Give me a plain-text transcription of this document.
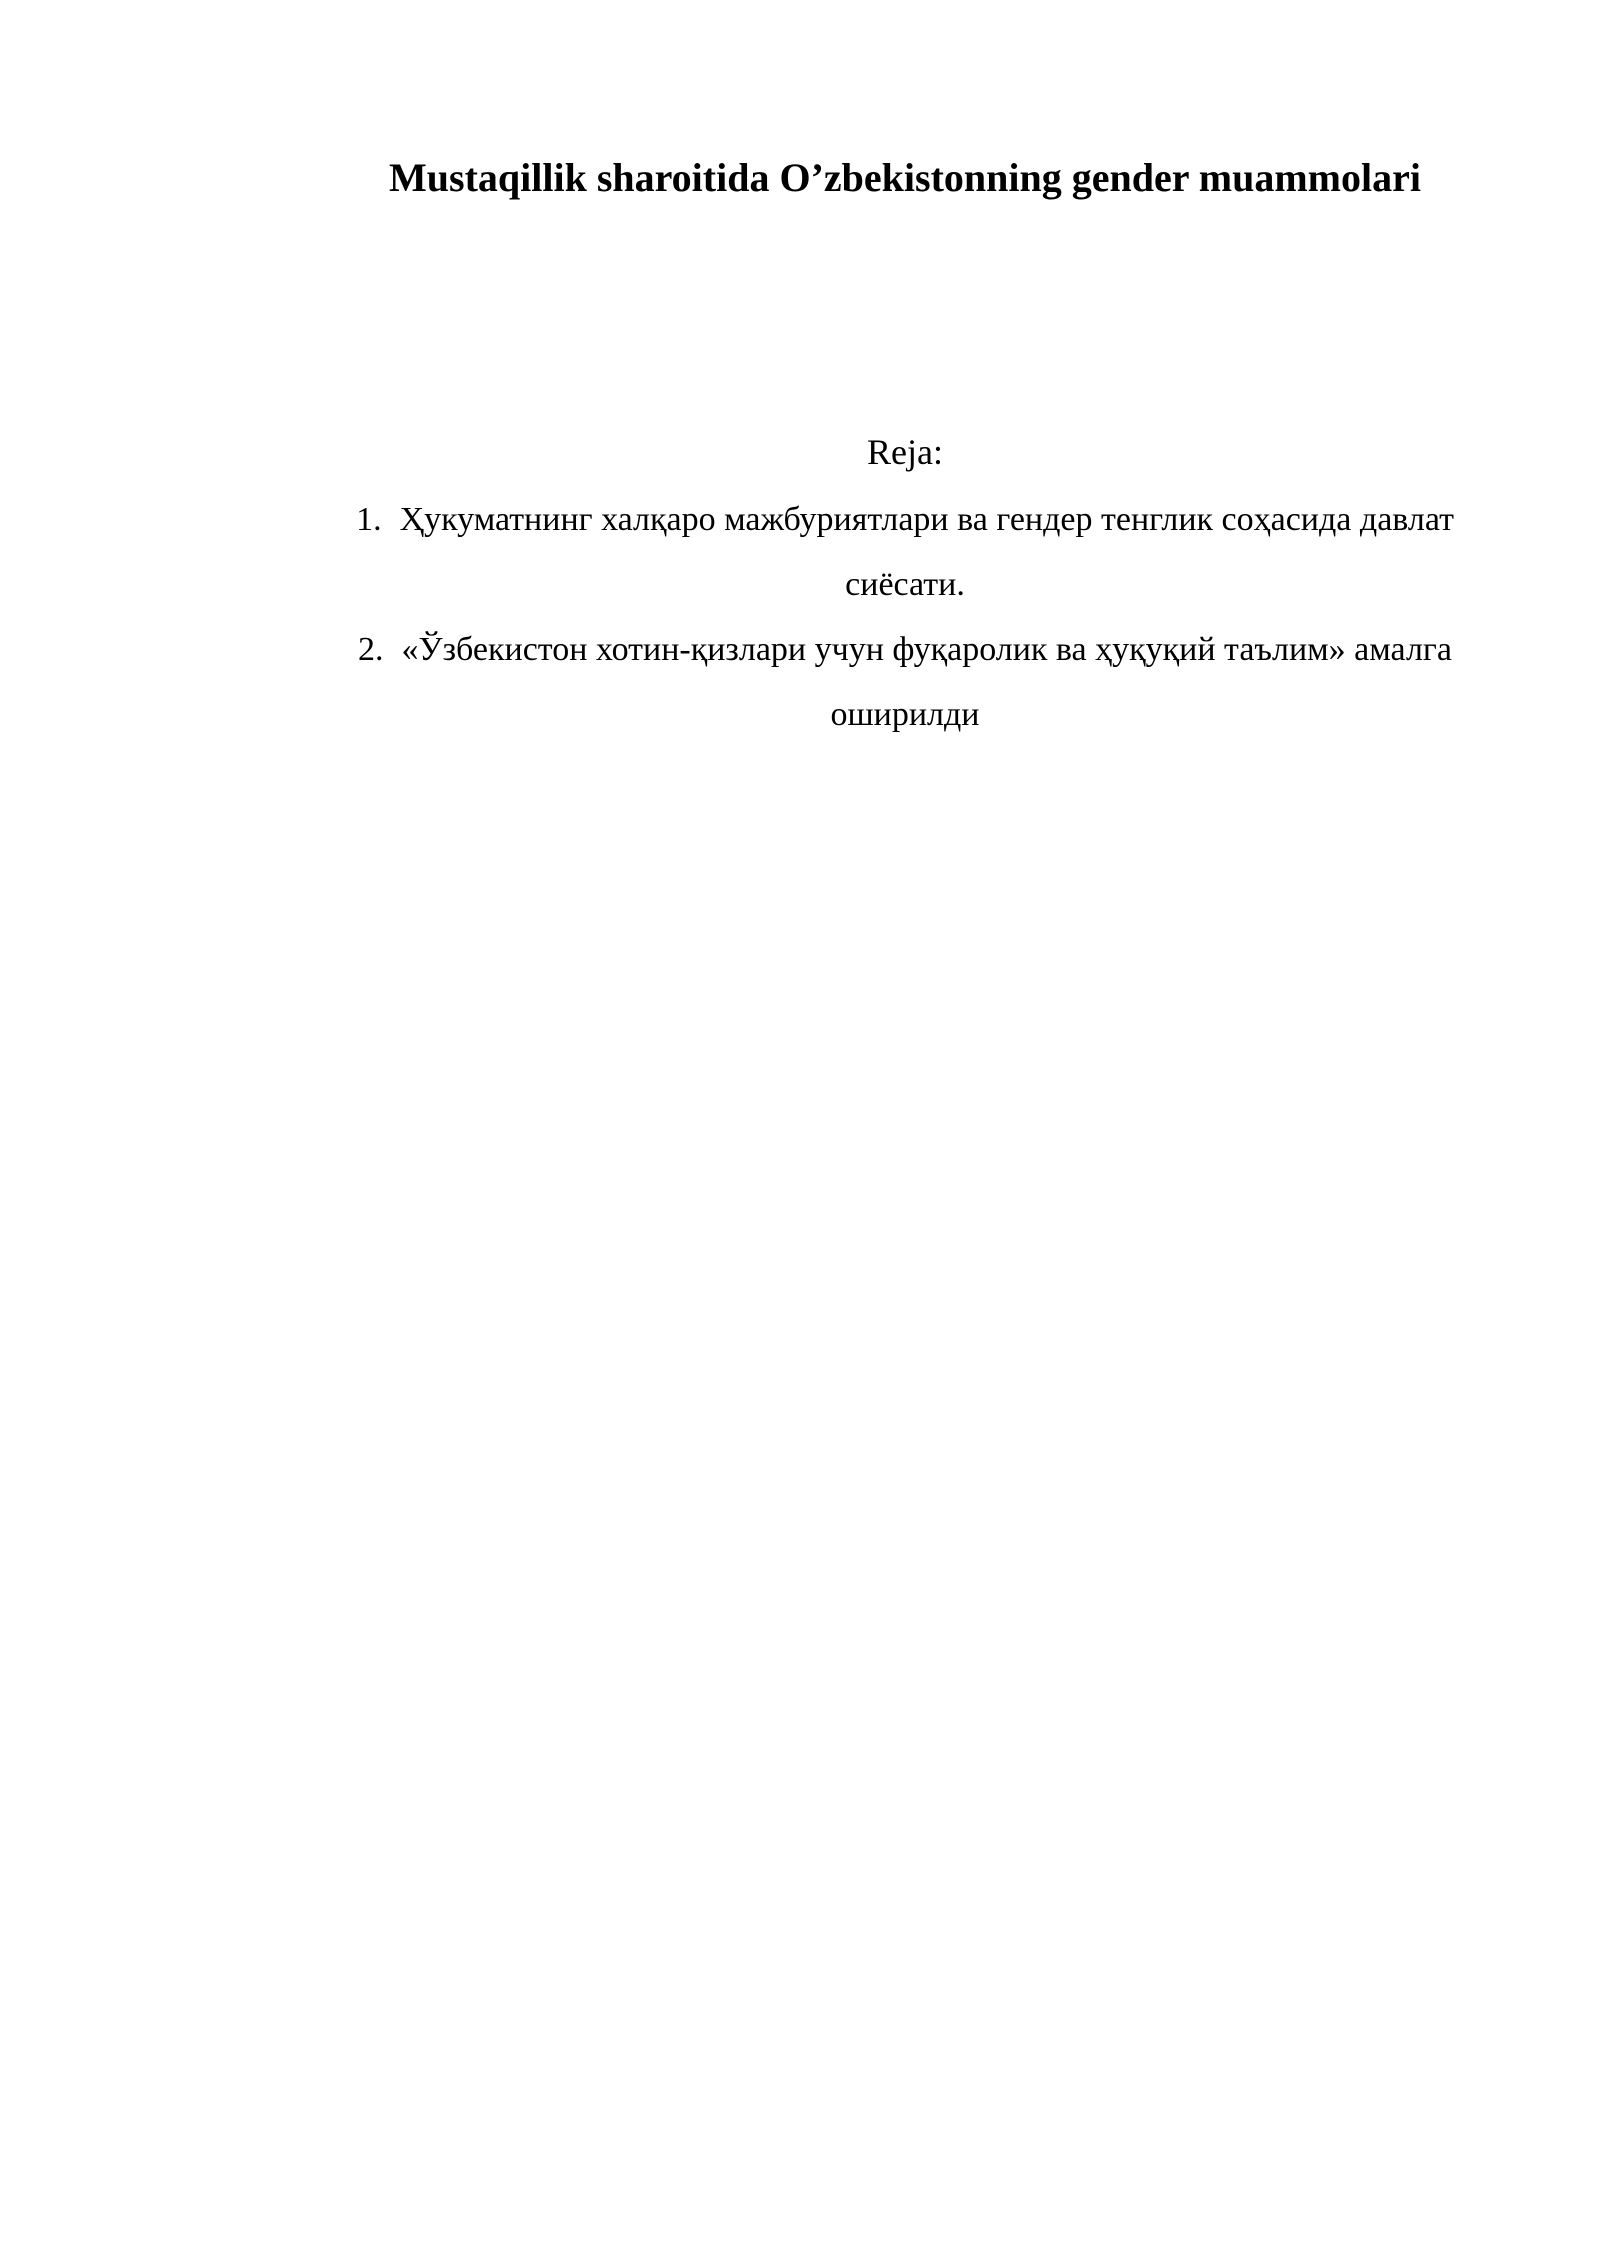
Mustaqillik sharoitida O’zbekistonning gender muammolari

Reja:

1. Ҳукуматнинг халқаро мажбуриятлари ва гендер тенглик соҳасида давлат сиёсати.
2. «Ўзбекистон хотин-қизлари учун фуқаролик ва ҳуқуқий таълим» амалга оширилди
